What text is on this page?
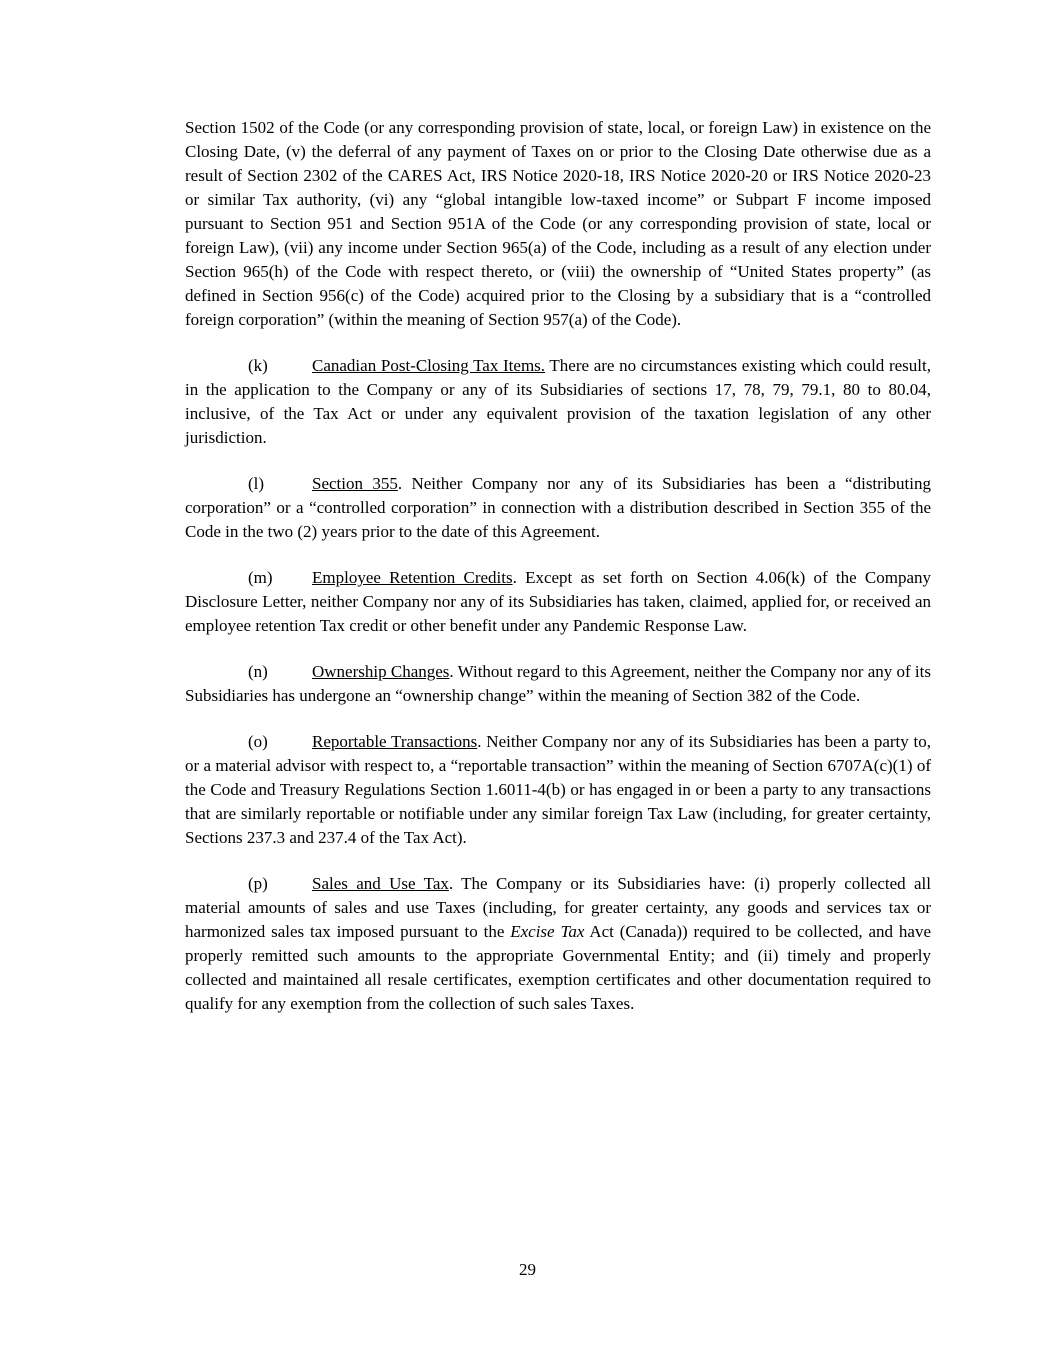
Section 1502 of the Code (or any corresponding provision of state, local, or foreign Law) in existence on the Closing Date, (v) the deferral of any payment of Taxes on or prior to the Closing Date otherwise due as a result of Section 2302 of the CARES Act, IRS Notice 2020-18, IRS Notice 2020-20 or IRS Notice 2020-23 or similar Tax authority, (vi) any “global intangible low-taxed income” or Subpart F income imposed pursuant to Section 951 and Section 951A of the Code (or any corresponding provision of state, local or foreign Law), (vii) any income under Section 965(a) of the Code, including as a result of any election under Section 965(h) of the Code with respect thereto, or (viii) the ownership of “United States property” (as defined in Section 956(c) of the Code) acquired prior to the Closing by a subsidiary that is a “controlled foreign corporation” (within the meaning of Section 957(a) of the Code).

(k)	Canadian Post-Closing Tax Items. There are no circumstances existing which could result, in the application to the Company or any of its Subsidiaries of sections 17, 78, 79, 79.1, 80 to 80.04, inclusive, of the Tax Act or under any equivalent provision of the taxation legislation of any other jurisdiction.

(l)	Section 355. Neither Company nor any of its Subsidiaries has been a “distributing corporation” or a “controlled corporation” in connection with a distribution described in Section 355 of the Code in the two (2) years prior to the date of this Agreement.

(m) Employee Retention Credits. Except as set forth on Section 4.06(k) of the Company Disclosure Letter, neither Company nor any of its Subsidiaries has taken, claimed, applied for, or received an employee retention Tax credit or other benefit under any Pandemic Response Law.

(n)	Ownership Changes. Without regard to this Agreement, neither the Company nor any of its Subsidiaries has undergone an “ownership change” within the meaning of Section 382 of the Code.

(o)	Reportable Transactions. Neither Company nor any of its Subsidiaries has been a party to, or a material advisor with respect to, a “reportable transaction” within the meaning of Section 6707A(c)(1) of the Code and Treasury Regulations Section 1.6011-4(b) or has engaged in or been a party to any transactions that are similarly reportable or notifiable under any similar foreign Tax Law (including, for greater certainty, Sections 237.3 and 237.4 of the Tax Act).

(p)	Sales and Use Tax. The Company or its Subsidiaries have: (i) properly collected all material amounts of sales and use Taxes (including, for greater certainty, any goods and services tax or harmonized sales tax imposed pursuant to the Excise Tax Act (Canada)) required to be collected, and have properly remitted such amounts to the appropriate Governmental Entity; and (ii) timely and properly collected and maintained all resale certificates, exemption certificates and other documentation required to qualify for any exemption from the collection of such sales Taxes.

29
